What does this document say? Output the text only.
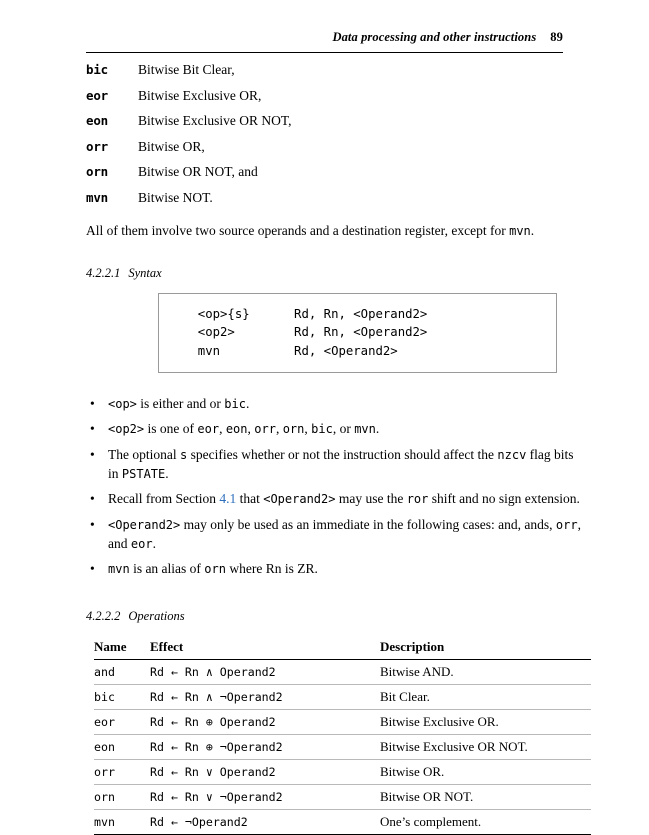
Data processing and other instructions 89
bic	Bitwise Bit Clear,
eor	Bitwise Exclusive OR,
eon	Bitwise Exclusive OR NOT,
orr	Bitwise OR,
orn	Bitwise OR NOT, and
mvn	Bitwise NOT.

All of them involve two source operands and a destination register, except for mvn.

4.2.2.1 Syntax
<op>{s}      Rd, Rn, <Operand2>
<op2>        Rd, Rn, <Operand2>
mvn          Rd, <Operand2>
•	<op> is either and or bic.
•	<op2> is one of eor, eon, orr, orn, bic, or mvn.
• The optional s specifies whether or not the instruction should affect the nzcv flag bits in PSTATE.
• Recall from Section 4.1 that <Operand2> may use the ror shift and no sign extension.
•	<Operand2> may only be used as an immediate in the following cases: and, ands, orr, and eor.
•	mvn is an alias of orn where Rn is ZR.
4.2.2.2 Operations
Name	Effect	Description
and	Rd ← Rn ∧ Operand2	Bitwise AND.
bic	Rd ← Rn ∧ ¬Operand2	Bit Clear.
eor	Rd ← Rn ⊕ Operand2	Bitwise Exclusive OR.
eon	Rd ← Rn ⊕ ¬Operand2	Bitwise Exclusive OR NOT.
orr	Rd ← Rn ∨ Operand2	Bitwise OR.
orn	Rd ← Rn ∨ ¬Operand2	Bitwise OR NOT.
mvn	Rd ← ¬Operand2	One’s complement.
